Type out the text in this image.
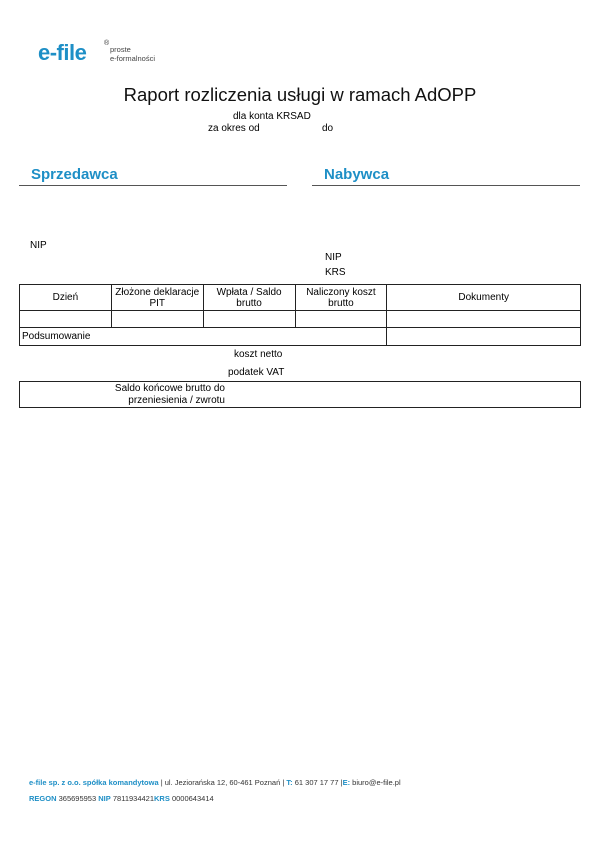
e-file	®
proste
e-formalności
Raport rozliczenia usługi w ramach AdOPP
dla konta KRSAD
za okres od	do
Sprzedawca	Nabywca
NIP
NIP
KRS
Dzień	Złożone deklaracje PIT	Wpłata / Saldo brutto	Naliczony koszt brutto	Dokumenty

Podsumowanie				
koszt netto
podatek VAT
Saldo końcowe brutto do przeniesienia / zwrotu
e-file sp. z o.o. spółka komandytowa | ul. Jeziorańska 12, 60-461 Poznań | T: 61 307 17 77 |E: biuro@e-file.pl
REGON 365695953 NIP 7811934421KRS 0000643414
